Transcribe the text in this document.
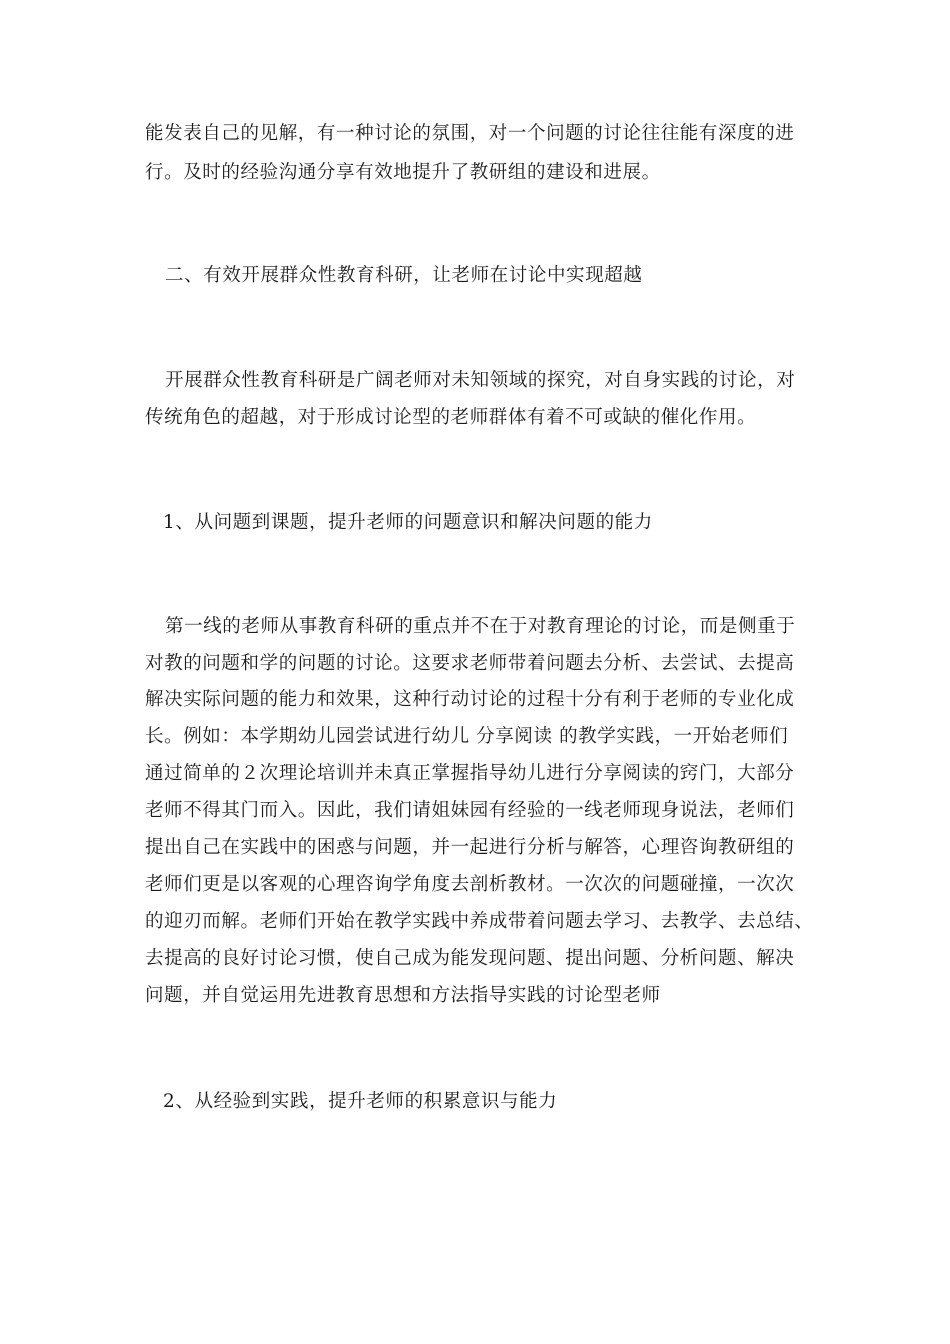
能发表自己的见解，有一种讨论的氛围，对一个问题的讨论往往能有深度的进
行。及时的经验沟通分享有效地提升了教研组的建设和进展。
二、有效开展群众性教育科研，让老师在讨论中实现超越
开展群众性教育科研是广阔老师对未知领域的探究，对自身实践的讨论，对
传统角色的超越，对于形成讨论型的老师群体有着不可或缺的催化作用。
1、从问题到课题，提升老师的问题意识和解决问题的能力
第一线的老师从事教育科研的重点并不在于对教育理论的讨论，而是侧重于
对教的问题和学的问题的讨论。这要求老师带着问题去分析、去尝试、去提高
解决实际问题的能力和效果，这种行动讨论的过程十分有利于老师的专业化成
长。例如：本学期幼儿园尝试进行幼儿 分享阅读 的教学实践，一开始老师们
通过简单的２次理论培训并未真正掌握指导幼儿进行分享阅读的窍门，大部分
老师不得其门而入。因此，我们请姐妹园有经验的一线老师现身说法，老师们
提出自己在实践中的困惑与问题，并一起进行分析与解答，心理咨询教研组的
老师们更是以客观的心理咨询学角度去剖析教材。一次次的问题碰撞，一次次
的迎刃而解。老师们开始在教学实践中养成带着问题去学习、去教学、去总结、
去提高的良好讨论习惯，使自己成为能发现问题、提出问题、分析问题、解决
问题，并自觉运用先进教育思想和方法指导实践的讨论型老师
2、从经验到实践，提升老师的积累意识与能力
